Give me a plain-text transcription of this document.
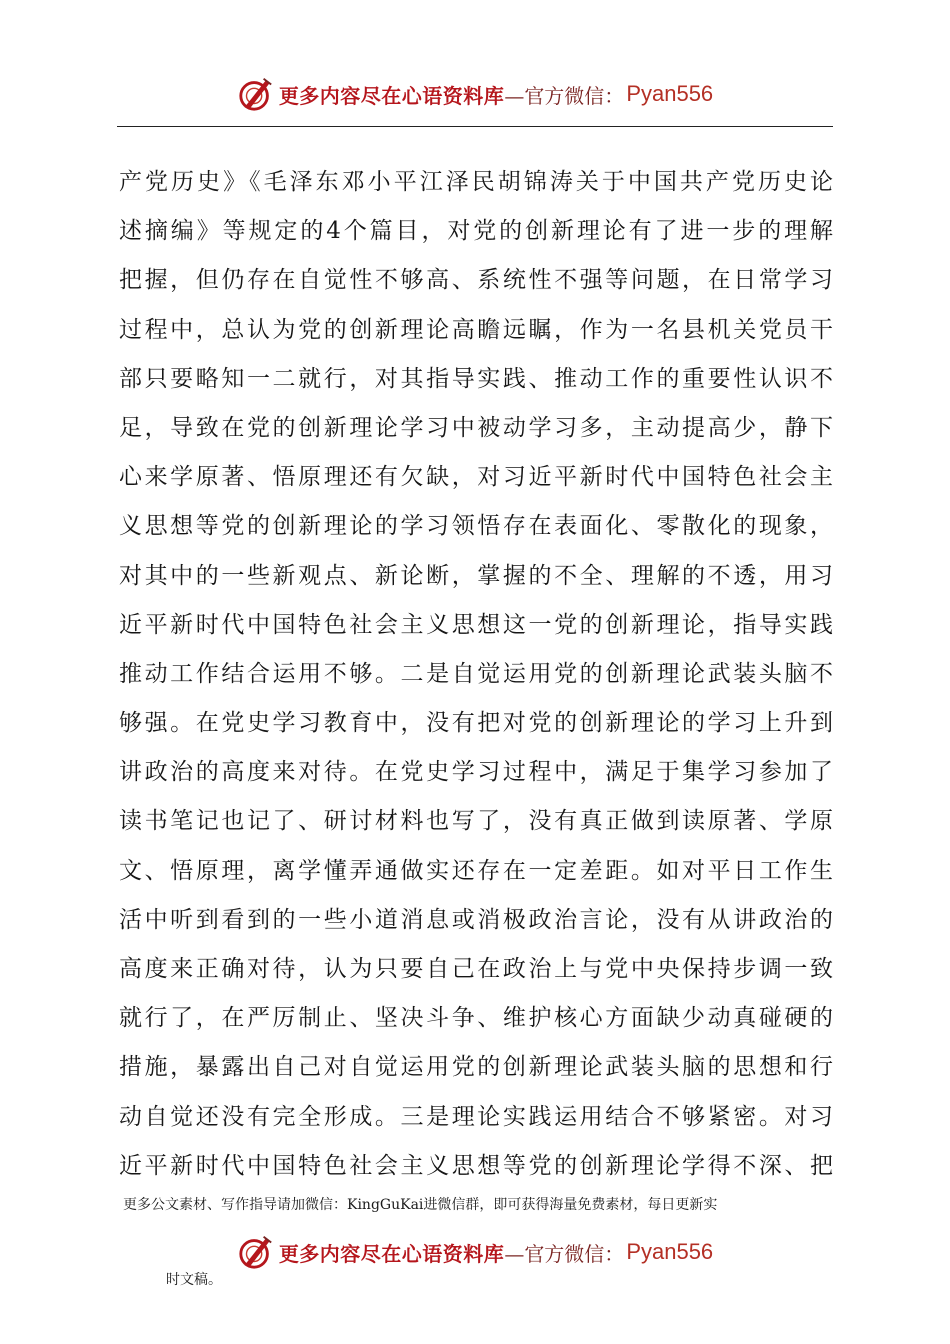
更多内容尽在心语资料库 —官方微信： Pyan556
产党历史》《毛泽东邓小平江泽民胡锦涛关于中国共产党历史论
述摘编》等规定的4个篇目，对党的创新理论有了进一步的理解
把握，但仍存在自觉性不够高、系统性不强等问题，在日常学习
过程中，总认为党的创新理论高瞻远瞩，作为一名县机关党员干
部只要略知一二就行，对其指导实践、推动工作的重要性认识不
足，导致在党的创新理论学习中被动学习多，主动提高少，静下
心来学原著、悟原理还有欠缺，对习近平新时代中国特色社会主
义思想等党的创新理论的学习领悟存在表面化、零散化的现象，
对其中的一些新观点、新论断，掌握的不全、理解的不透，用习
近平新时代中国特色社会主义思想这一党的创新理论，指导实践
推动工作结合运用不够。二是自觉运用党的创新理论武装头脑不
够强。在党史学习教育中，没有把对党的创新理论的学习上升到
讲政治的高度来对待。在党史学习过程中，满足于集学习参加了
读书笔记也记了、研讨材料也写了，没有真正做到读原著、学原
文、悟原理，离学懂弄通做实还存在一定差距。如对平日工作生
活中听到看到的一些小道消息或消极政治言论，没有从讲政治的
高度来正确对待，认为只要自己在政治上与党中央保持步调一致
就行了，在严厉制止、坚决斗争、维护核心方面缺少动真碰硬的
措施，暴露出自己对自觉运用党的创新理论武装头脑的思想和行
动自觉还没有完全形成。三是理论实践运用结合不够紧密。对习
近平新时代中国特色社会主义思想等党的创新理论学得不深、把
更多公文素材、写作指导请加微信：KingGuKai进微信群，即可获得海量免费素材，每日更新实
更多内容尽在心语资料库 —官方微信： Pyan556
时文稿。
